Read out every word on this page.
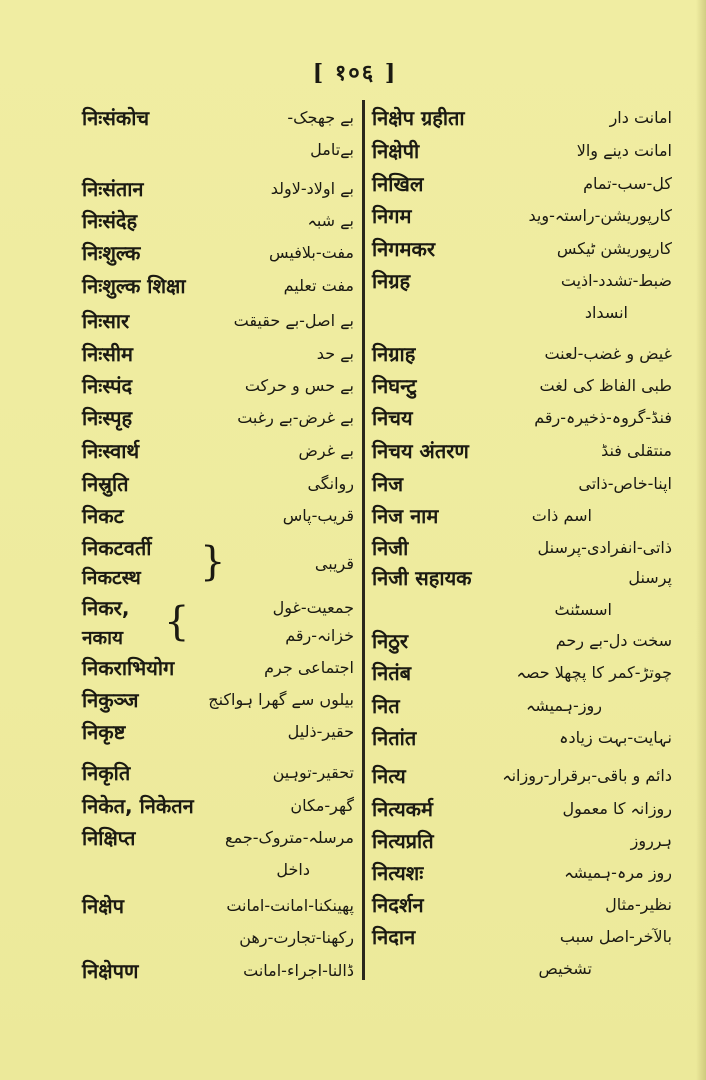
[ १०६ ]
निःसंकोच	بے جھجک-
بےتامل
निःसंतान	بے اولاد-لاولد
निःसंदेह	بے شبہ
निःशुल्क	مفت-بلافیس
निःशुल्क शिक्षा	مفت تعلیم
निःसार	بے اصل-بے حقیقت
निःसीम	بے حد
निःस्पंद	بے حس و حرکت
निःस्पृह	بے غرض-بے رغبت
निःस्वार्थ	بے غرض
निस्रुति	روانگی
निकट	قریب-پاس
निकटवर्ती
निकटस्थ }	قریبی
निकर,
नकाय {	جمعیت-غول
خزانہ-رقم
निकराभियोग	اجتماعی جرم
निकुञ्ज	بیلوں سے گھرا ہواکنج
निकृष्ट	حقیر-ذلیل
निकृति	تحقیر-توہین
निकेत, निकेतन	گھر-مکان
निक्षिप्त	مرسلہ-متروک-جمع
داخل
निक्षेप	پھینکنا-امانت-امانت
رکھنا-تجارت-رهن
निक्षेपण	ڈالنا-اجراء-امانت
निक्षेप ग्रहीता	امانت دار
निक्षेपी	امانت دینے والا
निखिल	کل-سب-تمام
निगम	کارپوریشن-راستہ-وید
निगमकर	کارپوریشن ٹیکس
निग्रह	ضبط-تشدد-اذیت
انسداد
निग्राह	غیض و غضب-لعنت
निघन्टु	طبی الفاظ کی لغت
निचय	فنڈ-گروہ-ذخیرہ-رقم
निचय अंतरण	منتقلی فنڈ
निज	اپنا-خاص-ذاتی
निज नाम	اسم ذات
निजी	ذاتی-انفرادی-پرسنل
निजी सहायक	پرسنل
اسسٹنٹ
निठुर	سخت دل-بے رحم
नितंब	چوتڑ-کمر کا پچھلا حصہ
नित	روز-ہمیشہ
नितांत	نہایت-بہت زیادہ
नित्य	دائم و باقی-برقرار-روزانہ
नित्यकर्म	روزانہ کا معمول
नित्यप्रति	ہرروز
नित्यशः	روز مرہ-ہمیشہ
निदर्शन	نظیر-مثال
निदान	بالآخر-اصل سبب
تشخیص
